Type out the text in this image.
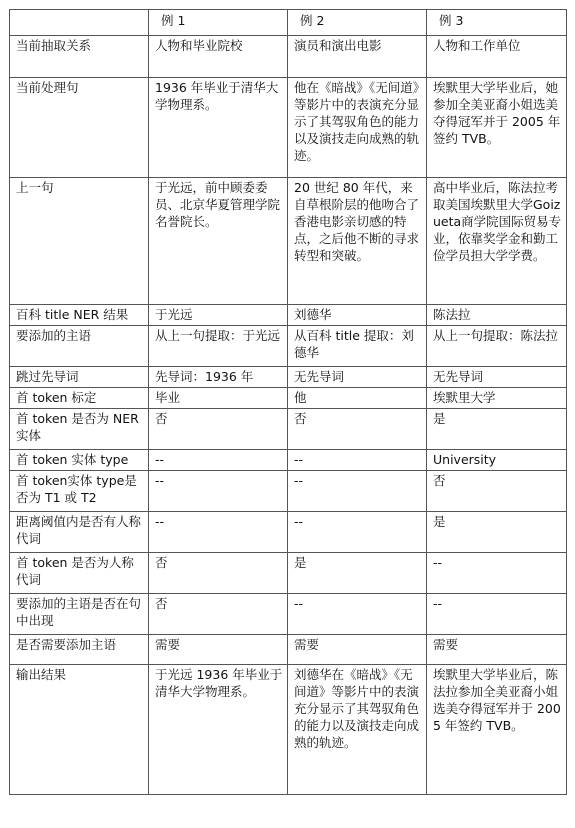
	例 1	例 2	例 3
当前抽取关系	人物和毕业院校	演员和演出电影	人物和工作单位
当前处理句	1936 年毕业于清华大学物理系。	他在《暗战》《无间道》等影片中的表演充分显示了其驾驭角色的能力以及演技走向成熟的轨迹。	埃默里大学毕业后，她参加全美亚裔小姐选美夺得冠军并于 2005 年签约 TVB。
上一句	于光远，前中顾委委员、北京华夏管理学院名誉院长。	20 世纪 80 年代，来自草根阶层的他吻合了香港电影亲切感的特点，之后他不断的寻求转型和突破。	高中毕业后，陈法拉考取美国埃默里大学Goizueta商学院国际贸易专业，依靠奖学金和勤工俭学员担大学学费。
百科 title NER 结果	于光远	刘德华	陈法拉
要添加的主语	从上一句提取：于光远	从百科 title 提取：刘德华	从上一句提取：陈法拉
跳过先导词	先导词：1936 年	无先导词	无先导词
首 token 标定	毕业	他	埃默里大学
首 token 是否为 NER 实体	否	否	是
首 token 实体 type	--	--	University
首 token实体 type是否为 T1 或 T2	--	--	否
距离阈值内是否有人称代词	--	--	是
首 token 是否为人称代词	否	是	--
要添加的主语是否在句中出现	否	--	--
是否需要添加主语	需要	需要	需要
输出结果	于光远 1936 年毕业于清华大学物理系。	刘德华在《暗战》《无间道》等影片中的表演充分显示了其驾驭角色的能力以及演技走向成熟的轨迹。	埃默里大学毕业后，陈法拉参加全美亚裔小姐选美夺得冠军并于 2005 年签约 TVB。
